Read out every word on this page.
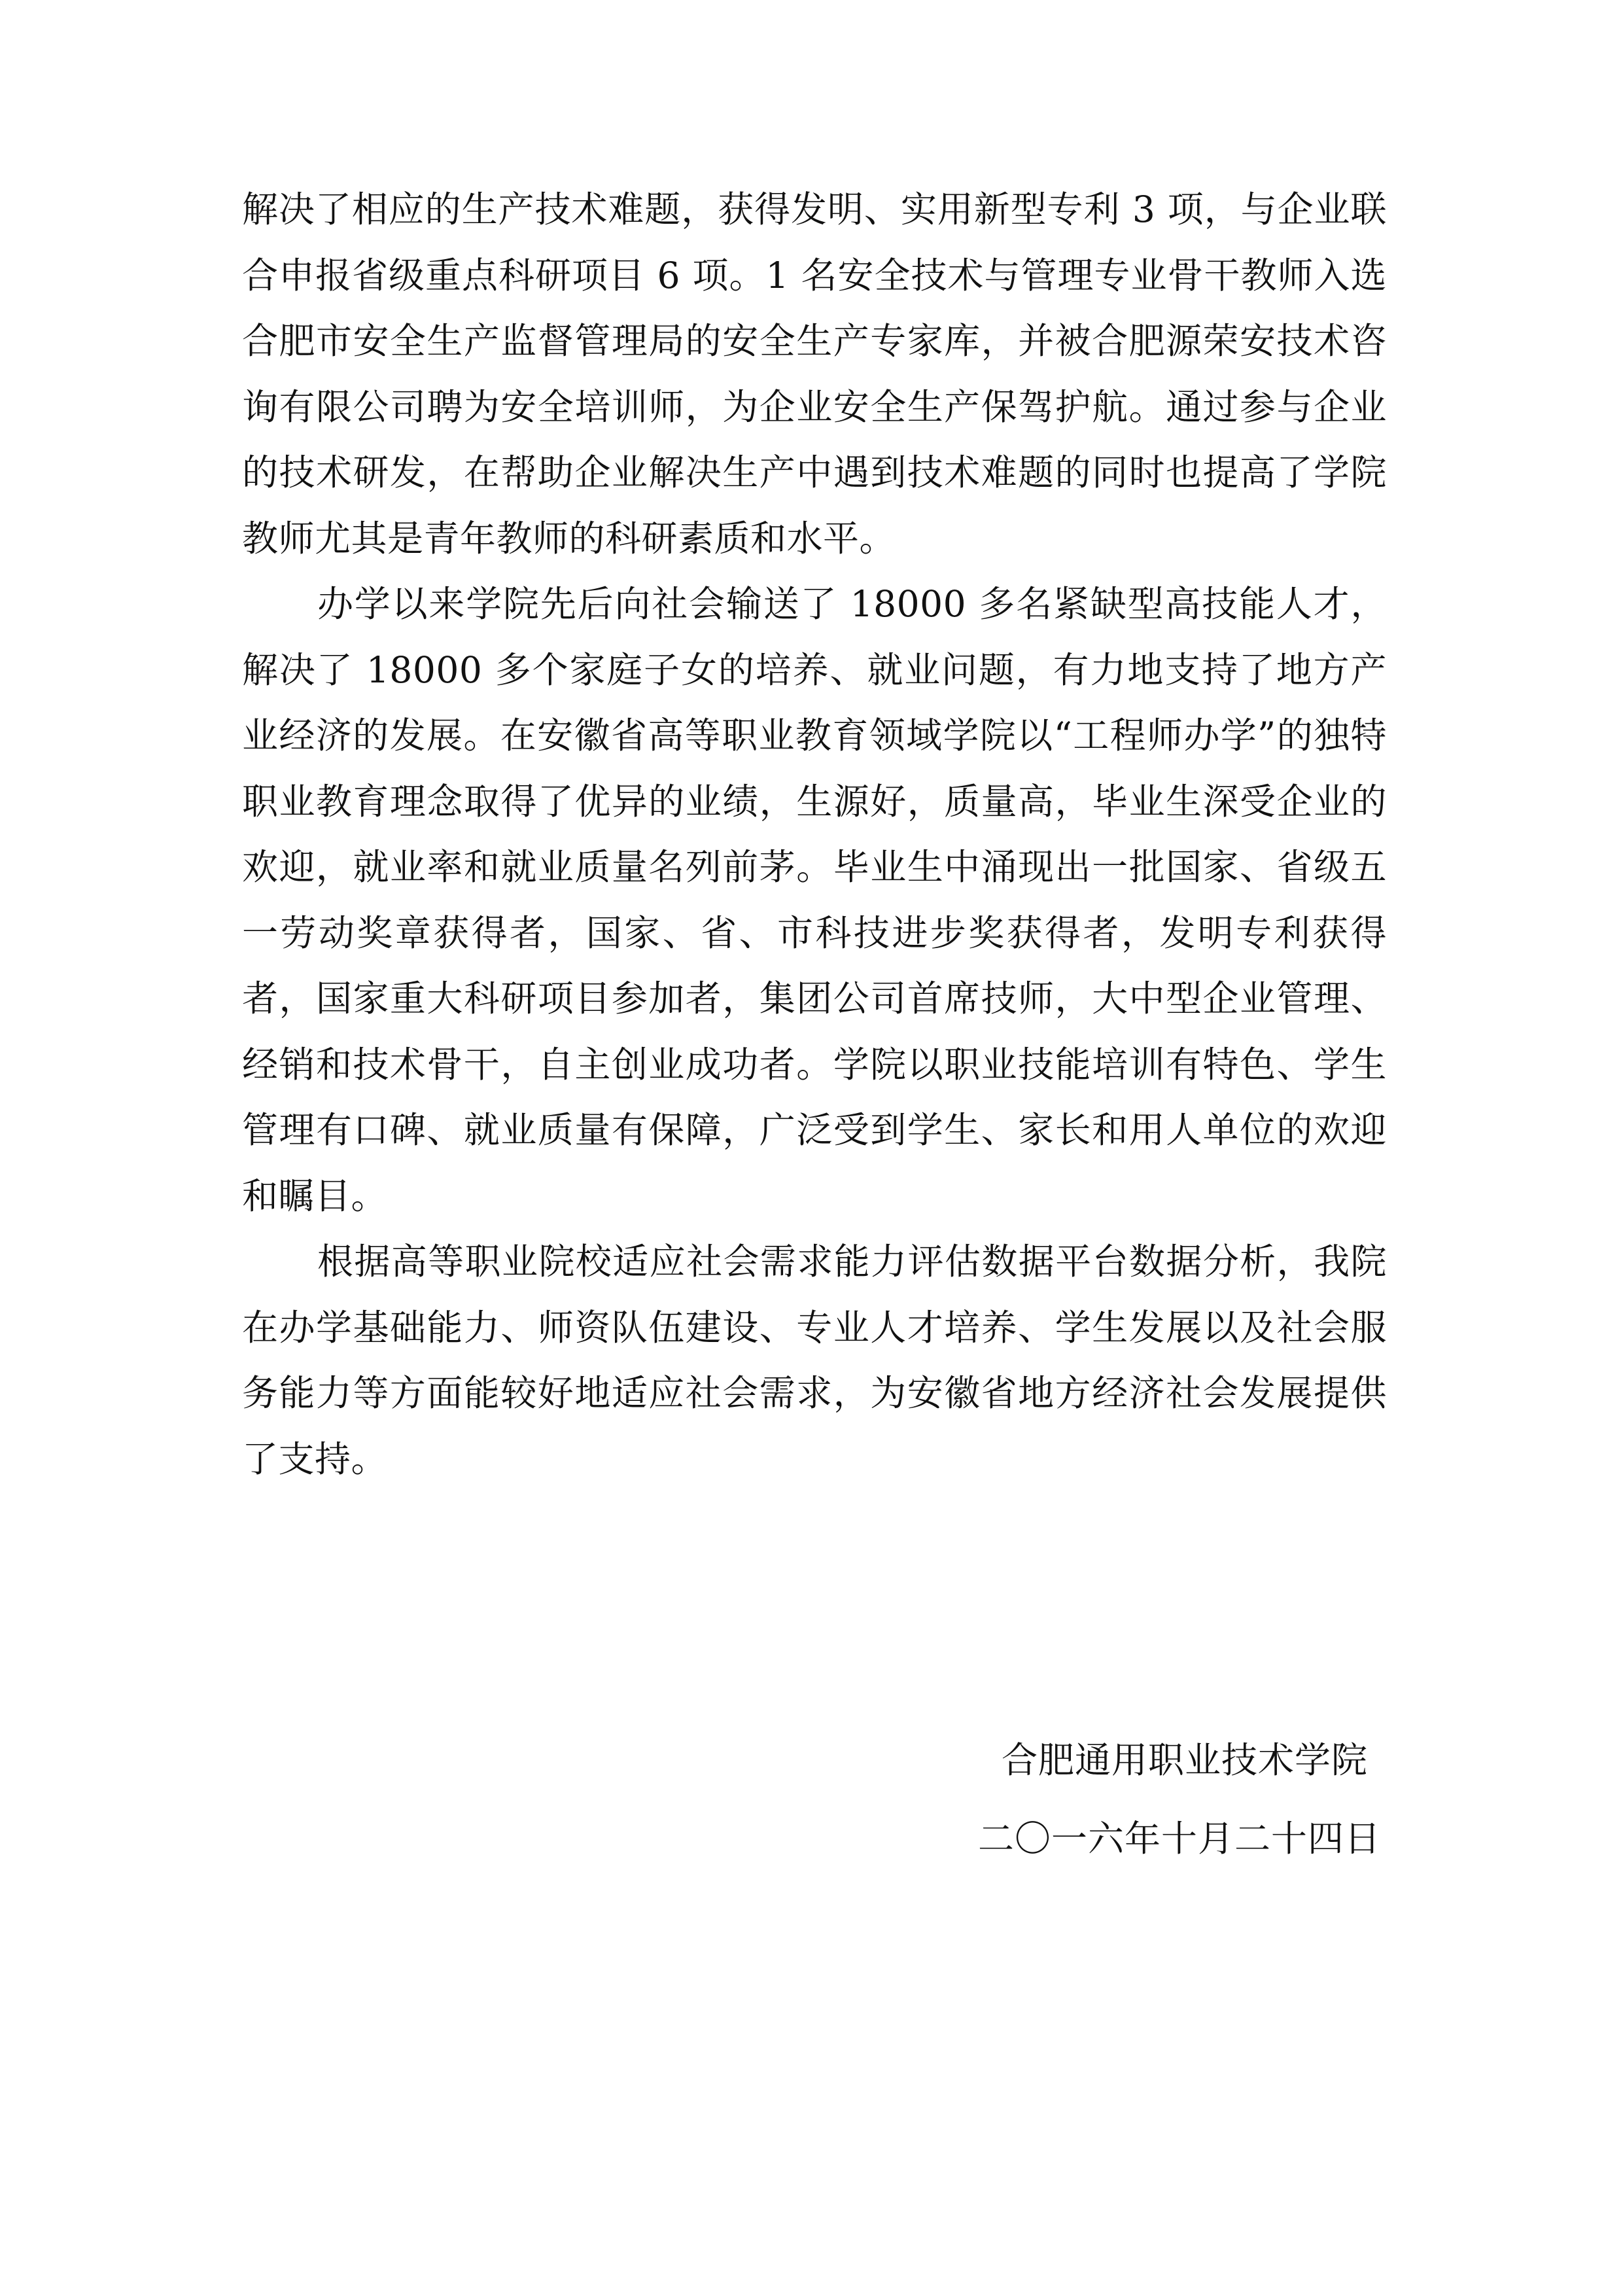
解决了相应的生产技术难题，获得发明、实用新型专利 3 项，与企业联合申报省级重点科研项目 6 项。1 名安全技术与管理专业骨干教师入选合肥市安全生产监督管理局的安全生产专家库，并被合肥源荣安技术咨询有限公司聘为安全培训师，为企业安全生产保驾护航。通过参与企业的技术研发，在帮助企业解决生产中遇到技术难题的同时也提高了学院教师尤其是青年教师的科研素质和水平。

办学以来学院先后向社会输送了 18000 多名紧缺型高技能人才，解决了 18000 多个家庭子女的培养、就业问题，有力地支持了地方产业经济的发展。在安徽省高等职业教育领域学院以“工程师办学”的独特职业教育理念取得了优异的业绩，生源好，质量高，毕业生深受企业的欢迎，就业率和就业质量名列前茅。毕业生中涌现出一批国家、省级五一劳动奖章获得者，国家、省、市科技进步奖获得者，发明专利获得者，国家重大科研项目参加者，集团公司首席技师，大中型企业管理、经销和技术骨干，自主创业成功者。学院以职业技能培训有特色、学生管理有口碑、就业质量有保障，广泛受到学生、家长和用人单位的欢迎和瞩目。

根据高等职业院校适应社会需求能力评估数据平台数据分析，我院在办学基础能力、师资队伍建设、专业人才培养、学生发展以及社会服务能力等方面能较好地适应社会需求，为安徽省地方经济社会发展提供了支持。

合肥通用职业技术学院
二〇一六年十月二十四日
